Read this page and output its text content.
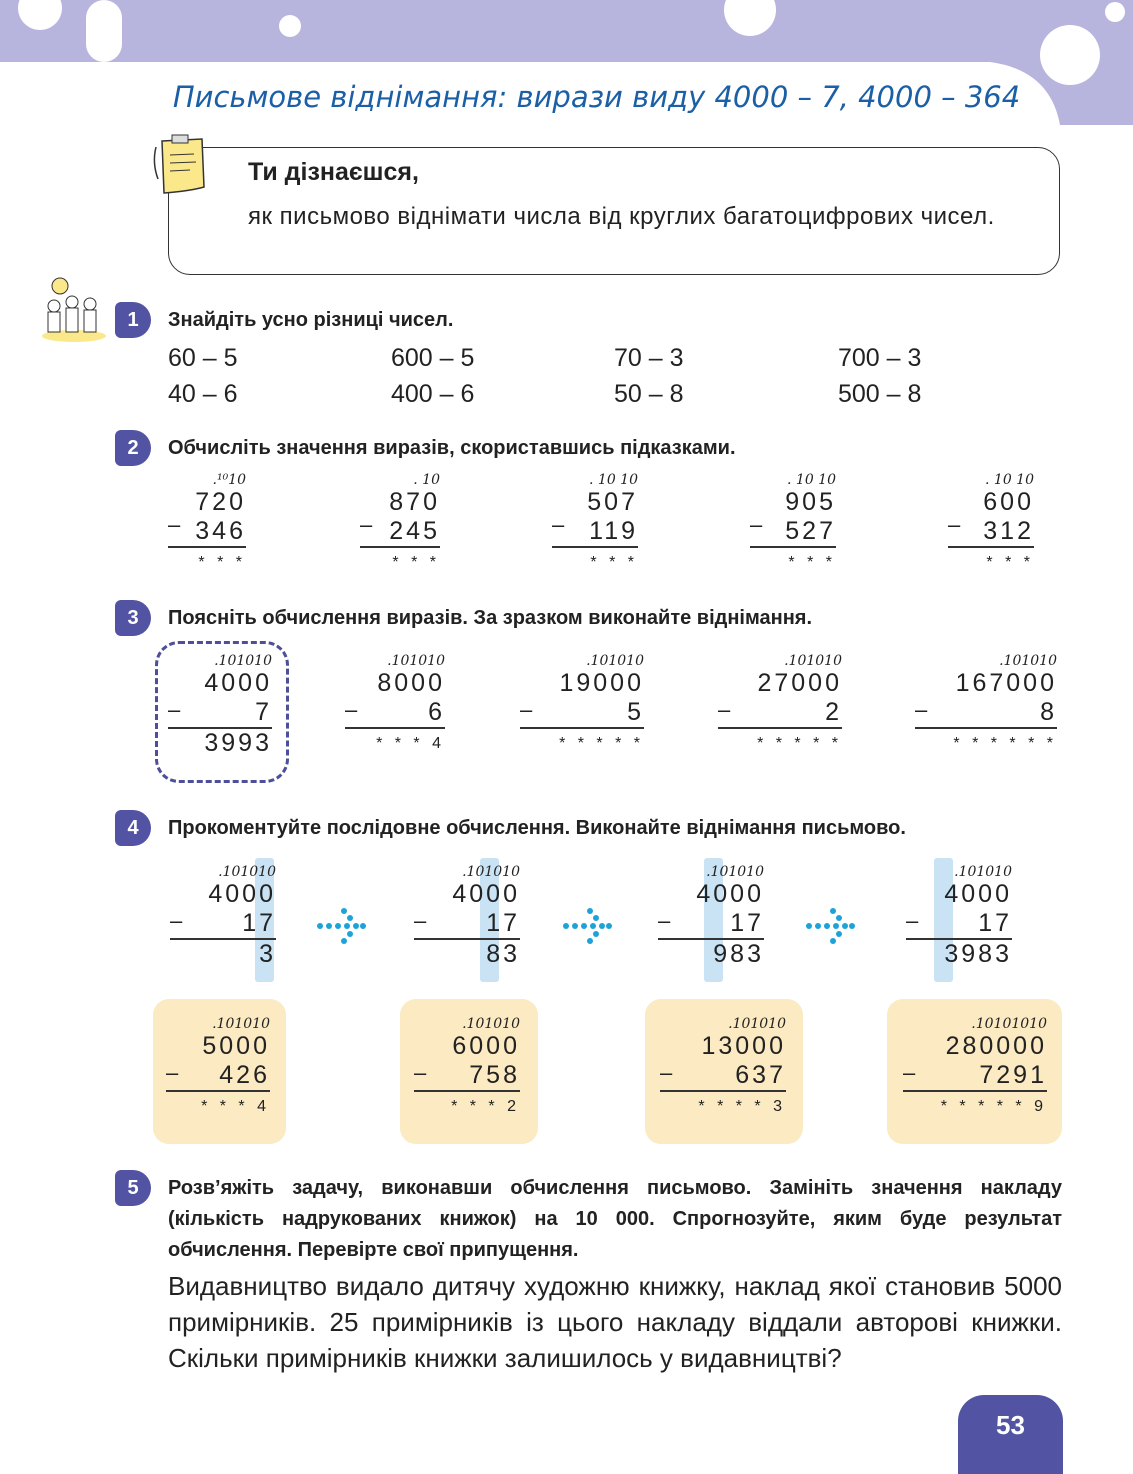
Письмове віднімання: вирази виду 4000 – 7, 4000 – 364
Ти дізнаєшся,
як письмово віднімати числа від круглих багатоцифрових чисел.
1	Знайдіть усно різниці чисел.
60 – 5	600 – 5	70 – 3	700 – 3
40 – 6	400 – 6	50 – 8	500 – 8
2	Обчисліть значення виразів, скориставшись підказками.
.¹⁰10
720
346
* * *
–
. 10
870
245
* * *
–
. 10 10
507
119
* * *
–
. 10 10
905
527
* * *
–
. 10 10
600
312
* * *
–
3	Поясніть обчислення виразів. За зразком виконайте віднімання.
.101010
4000
7
3993
–
.101010
8000
6
* * * 4
–
.101010
19000
5
* * * * *
–
.101010
27000
2
* * * * *
–
.101010
167000
8
* * * * * *
–
4	Прокоментуйте послідовне обчислення. Виконайте віднімання письмово.
.101010
4000
17
3
–
.101010
4000
17
83
–
.101010
4000
17
983
–
.101010
4000
17
3983
–
.101010
5000
426
* * * 4
–
.101010
6000
758
* * * 2
–
.101010
13000
637
* * * * 3
–
.10101010
280000
7291
* * * * * 9
–
5	Розв’яжіть задачу, виконавши обчислення письмово. Замініть значення накладу (кількість надрукованих книжок) на 10 000. Спрогнозуйте, яким буде результат обчислення. Перевірте свої припущення.
Видавництво видало дитячу художню книжку, наклад якої становив 5000 примірників. 25 примірників із цього накладу віддали авторові книжки. Скільки примірників книжки залишилось у видавництві?
53
